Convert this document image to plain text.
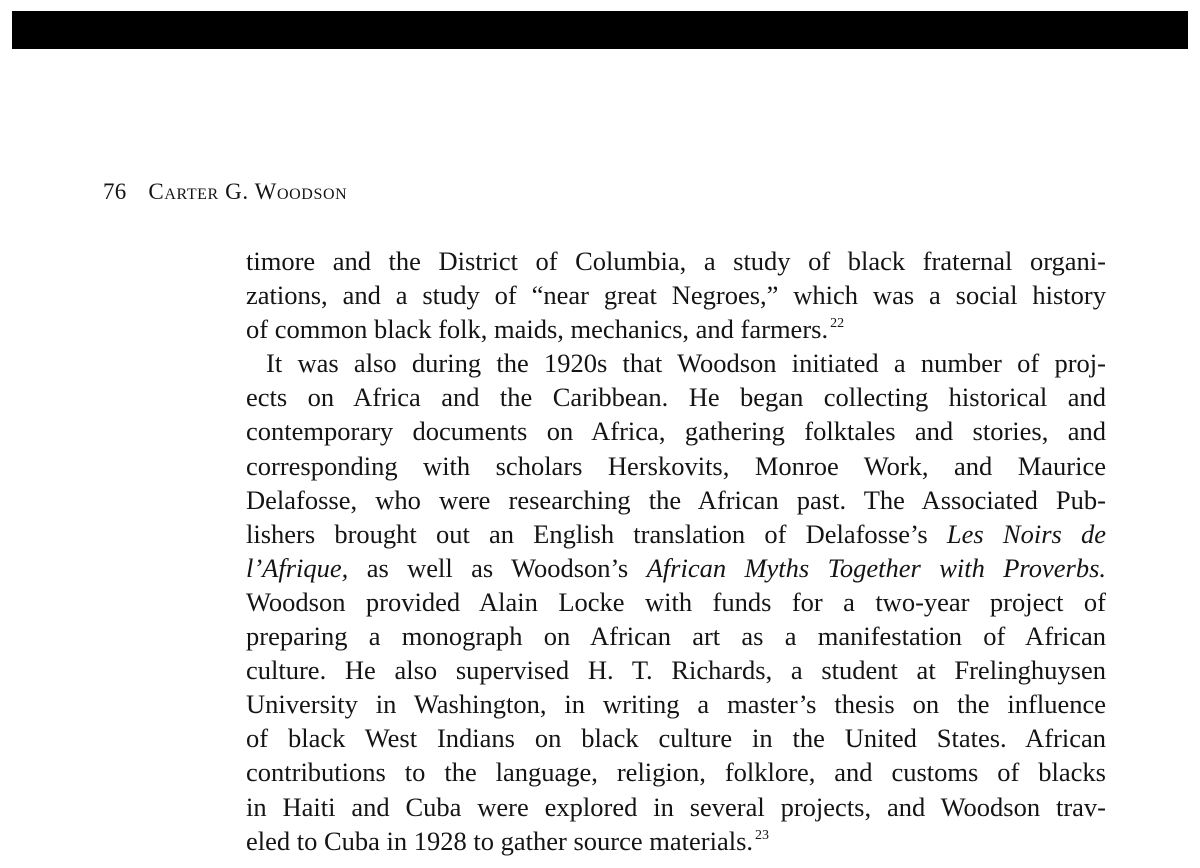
76 Carter G. Woodson
timore and the District of Columbia, a study of black fraternal organi-
zations, and a study of “near great Negroes,” which was a social history
of common black folk, maids, mechanics, and farmers. $^{22}$
It was also during the 1920s that Woodson initiated a number of proj-
ects on Africa and the Caribbean. He began collecting historical and
contemporary documents on Africa, gathering folktales and stories, and
corresponding with scholars Herskovits, Monroe Work, and Maurice
Delafosse, who were researching the African past. The Associated Pub-
lishers brought out an English translation of Delafosse’s Les Noirs de
l’Afrique, as well as Woodson’s African Myths Together with Proverbs.
Woodson provided Alain Locke with funds for a two-year project of
preparing a monograph on African art as a manifestation of African
culture. He also supervised H. T. Richards, a student at Frelinghuysen
University in Washington, in writing a master’s thesis on the influence
of black West Indians on black culture in the United States. African
contributions to the language, religion, folklore, and customs of blacks
in Haiti and Cuba were explored in several projects, and Woodson trav-
eled to Cuba in 1928 to gather source materials. $^{23}$
